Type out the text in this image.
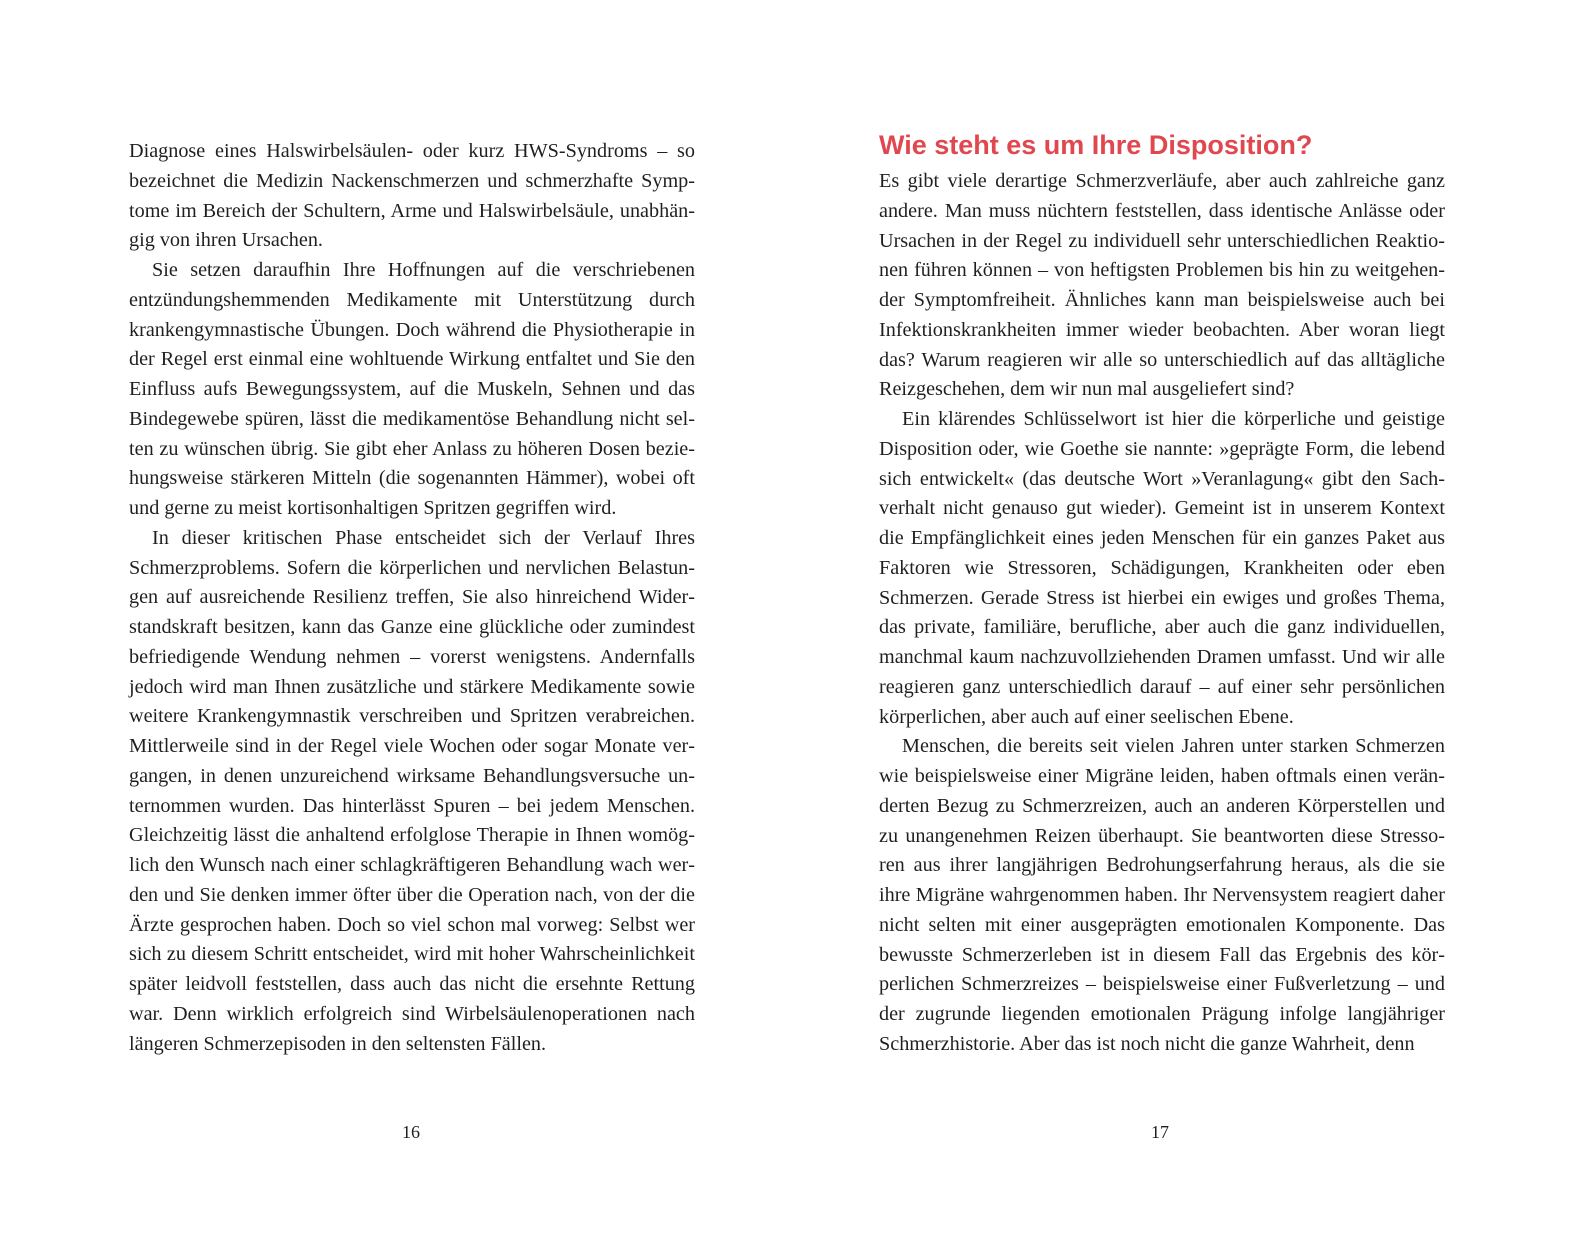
Diagnose eines Halswirbelsäulen- oder kurz HWS-Syndroms – so bezeichnet die Medizin Nackenschmerzen und schmerzhafte Symptome im Bereich der Schultern, Arme und Halswirbelsäule, unabhängig von ihren Ursachen.

Sie setzen daraufhin Ihre Hoffnungen auf die verschriebenen entzündungshemmenden Medikamente mit Unterstützung durch krankengymnastische Übungen. Doch während die Physiotherapie in der Regel erst einmal eine wohltuende Wirkung entfaltet und Sie den Einfluss aufs Bewegungssystem, auf die Muskeln, Sehnen und das Bindegewebe spüren, lässt die medikamentöse Behandlung nicht selten zu wünschen übrig. Sie gibt eher Anlass zu höheren Dosen beziehungsweise stärkeren Mitteln (die sogenannten Hämmer), wobei oft und gerne zu meist kortisonhaltigen Spritzen gegriffen wird.

In dieser kritischen Phase entscheidet sich der Verlauf Ihres Schmerzproblems. Sofern die körperlichen und nervlichen Belastungen auf ausreichende Resilienz treffen, Sie also hinreichend Widerstandskraft besitzen, kann das Ganze eine glückliche oder zumindest befriedigende Wendung nehmen – vorerst wenigstens. Andernfalls jedoch wird man Ihnen zusätzliche und stärkere Medikamente sowie weitere Krankengymnastik verschreiben und Spritzen verabreichen. Mittlerweile sind in der Regel viele Wochen oder sogar Monate vergangen, in denen unzureichend wirksame Behandlungsversuche unternommen wurden. Das hinterlässt Spuren – bei jedem Menschen. Gleichzeitig lässt die anhaltend erfolglose Therapie in Ihnen womöglich den Wunsch nach einer schlagkräftigeren Behandlung wach werden und Sie denken immer öfter über die Operation nach, von der die Ärzte gesprochen haben. Doch so viel schon mal vorweg: Selbst wer sich zu diesem Schritt entscheidet, wird mit hoher Wahrscheinlichkeit später leidvoll feststellen, dass auch das nicht die ersehnte Rettung war. Denn wirklich erfolgreich sind Wirbelsäulenoperationen nach längeren Schmerzepisoden in den seltensten Fällen.

16
Wie steht es um Ihre Disposition?

Es gibt viele derartige Schmerzverläufe, aber auch zahlreiche ganz andere. Man muss nüchtern feststellen, dass identische Anlässe oder Ursachen in der Regel zu individuell sehr unterschiedlichen Reaktionen führen können – von heftigsten Problemen bis hin zu weitgehender Symptomfreiheit. Ähnliches kann man beispielsweise auch bei Infektionskrankheiten immer wieder beobachten. Aber woran liegt das? Warum reagieren wir alle so unterschiedlich auf das alltägliche Reizgeschehen, dem wir nun mal ausgeliefert sind?

Ein klärendes Schlüsselwort ist hier die körperliche und geistige Disposition oder, wie Goethe sie nannte: »geprägte Form, die lebend sich entwickelt« (das deutsche Wort »Veranlagung« gibt den Sachverhalt nicht genauso gut wieder). Gemeint ist in unserem Kontext die Empfänglichkeit eines jeden Menschen für ein ganzes Paket aus Faktoren wie Stressoren, Schädigungen, Krankheiten oder eben Schmerzen. Gerade Stress ist hierbei ein ewiges und großes Thema, das private, familiäre, berufliche, aber auch die ganz individuellen, manchmal kaum nachzuvollziehenden Dramen umfasst. Und wir alle reagieren ganz unterschiedlich darauf – auf einer sehr persönlichen körperlichen, aber auch auf einer seelischen Ebene.

Menschen, die bereits seit vielen Jahren unter starken Schmerzen wie beispielsweise einer Migräne leiden, haben oftmals einen veränderten Bezug zu Schmerzreizen, auch an anderen Körperstellen und zu unangenehmen Reizen überhaupt. Sie beantworten diese Stressoren aus ihrer langjährigen Bedrohungserfahrung heraus, als die sie ihre Migräne wahrgenommen haben. Ihr Nervensystem reagiert daher nicht selten mit einer ausgeprägten emotionalen Komponente. Das bewusste Schmerzerleben ist in diesem Fall das Ergebnis des körperlichen Schmerzreizes – beispielsweise einer Fußverletzung – und der zugrunde liegenden emotionalen Prägung infolge langjähriger Schmerzhistorie. Aber das ist noch nicht die ganze Wahrheit, denn

17
